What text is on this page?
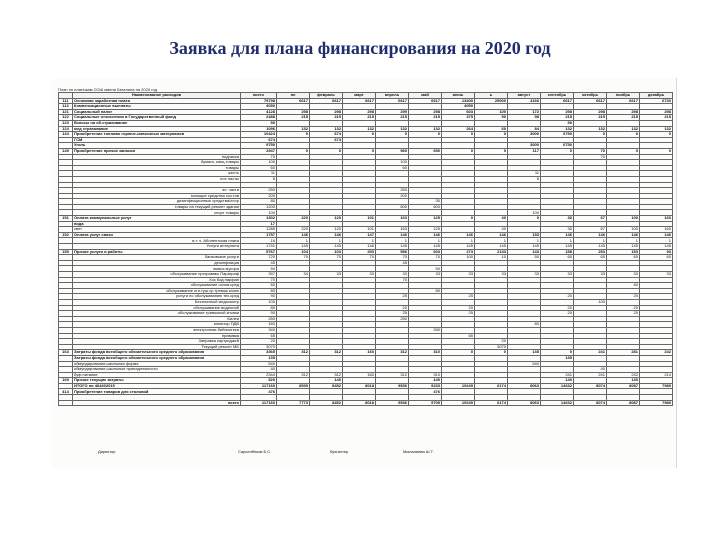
Заявка для плана финансирования на 2020 год
План по платежам СОШ имени Бегалина на 2020 год
	Наименование расходов	всего	ян	февраль	март	апрель	май	июнь	ь	август	сентябрь	октябрь	ноябрь	декабрь
111	Основная заработная плата	79798	6617	6617	6617	6617	6617	13400	25000	4166	6617	6617	6617	6730
113	Компенсационные выплаты	4050						4050						
121	Социальный налог	4128	298	298	298	299	298	603	100	172	298	298	298	298
122	Социальные отчисления в Государственный фонд	2488	215	215	215	215	215	375	50	98	215	215	215	215
123	Взносы на об.страхование	50									50			
124	мед страхование	1096	132	132	132	132	132	264	60	84	132	132	132	132
144	Приобретение топливо горюче-смазочных материалов	10424	0	674	0	0	0	0	0	3000	6750	0	0	0
	ГСМ	674		674										
	Уголь	9750								3000	6750			
149	Приобретение прочих запасов	2947	0	0	0	960	650	0	0	117	0	70	0	0
	подписка	70										70		
	бумага, канц.товары	100				100								
	товары	60				60								
	жесть	11								11				
	лох листы	6								6				

	эл. части	250				250								
	моющие средства хоз.тов	200				200								
	дезинфекционные средства/хлор	80					30							
	товары на текущий ремонт здания	1200				600	600							
	спорт товары	100								100				
151	Оплата коммунальных услуг	1302	220	120	101	163	125	0	40	0	30	67	100	160
	вода	17												
	свет	1285	220	120	101	163	125		40		30	67	100	160
152	Оплата услуг связи	1757	146	146	147	146	146	146	146	153	146	146	146	146
	в.т. ч. Абонентская плата	16	1	1	1	1	1	1	1	1	1	1	1	1
	Услуги интернета	1741	145	145	146	145	145	145	145	145	145	145	145	145
159	Прочие услуги и работы	5767	104	103	253	596	603	273	2133	143	158	253	153	93
	банковские услуги	720	70	70	70	70	70	100	10	50	60	60	60	60
	дезинфекция	45				45								
	вывоз мусора	50					50							
	обслуживание программы Параграф	397	34	33	33	33	33	33	33	33	33	33	33	33
	Хоз Код парфан	70				70								
	обслуживание основ.сред	60											60	
	обслуживание огн.туш.ср тревож кнопк	80					80							
	услуги по обслуживанию тех.сред	90				25		25			20		20	
	Бесплатный медосмотр	100										100		
	обслуживание видеонаб	80				20		20			20		20	
	обслуживание тревожной кнопки	90				25		25			20		20	
	Билеи	250				250								
	монитор ПДВ	160								80				
	электронная библиотека	340					330							
	прививка	65						65						
	Заправка картриджей	20							20					
	Текущий ремонт МБ	3070							3070					
163	Затраты фонда всеобщего обязательного среднего образования	3365	312	312	160	312	310	0	0	135	0	241	281	242
	Затраты фонда всеобщего обязательного среднего образования	135									135			
	обмундирование,школьная форма	540								540				
	обмундирование,школьные принадлежности	40										40		
	буф.питание	2344	312	312	160	312	310				241	241	242	214
169	Прочие текущие затраты	520		140			140				140		130	
	ИТОГО по 464402015	117160	8539	8452	8018	9536	9233	19249	6174	8063	14632	8074	8087	7989
414	Приобретение товаров для столовой	476					476							

	всего	117160	7773	8452	8018	9536	9709	19249	6174	8063	14632	8074	8087	7989
Директор	Сарсенбеков Б.С.	бухгалтер	Мыналиева Ш.Т.
